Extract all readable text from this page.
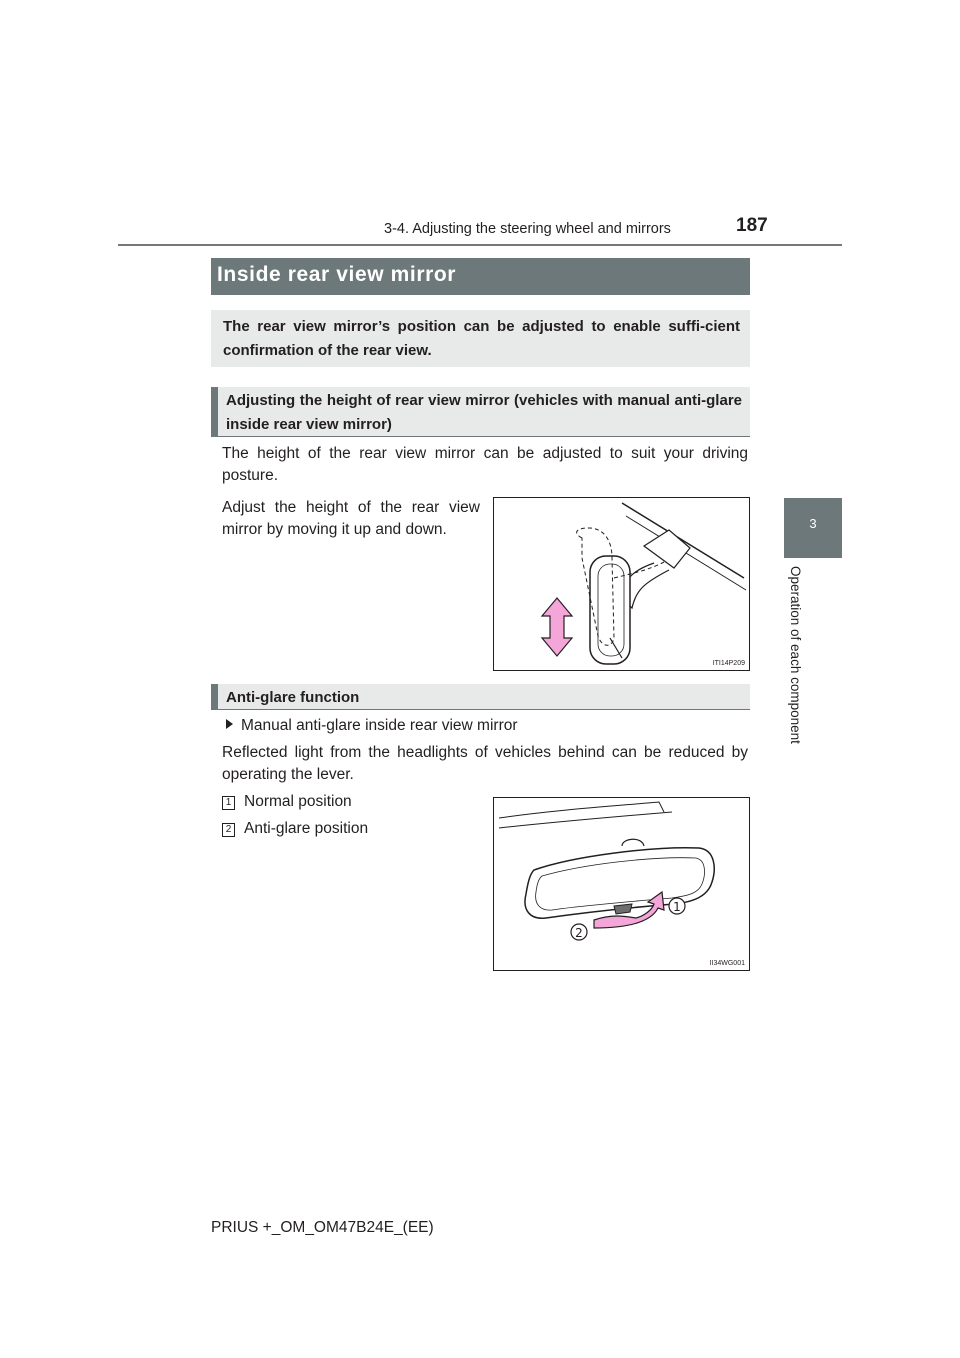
3-4. Adjusting the steering wheel and mirrors	187
3
Operation of each component
Inside rear view mirror
The rear view mirror’s position can be adjusted to enable suffi-cient confirmation of the rear view.
Adjusting the height of rear view mirror (vehicles with manual anti-glare inside rear view mirror)
The height of the rear view mirror can be adjusted to suit your driving posture.
Adjust the height of the rear view mirror by moving it up and down.
ITI14P209
Anti-glare function
Manual anti-glare inside rear view mirror
Reflected light from the headlights of vehicles behind can be reduced by operating the lever.
1 Normal position
2 Anti-glare position
1
2
II34WG001
PRIUS +_OM_OM47B24E_(EE)
